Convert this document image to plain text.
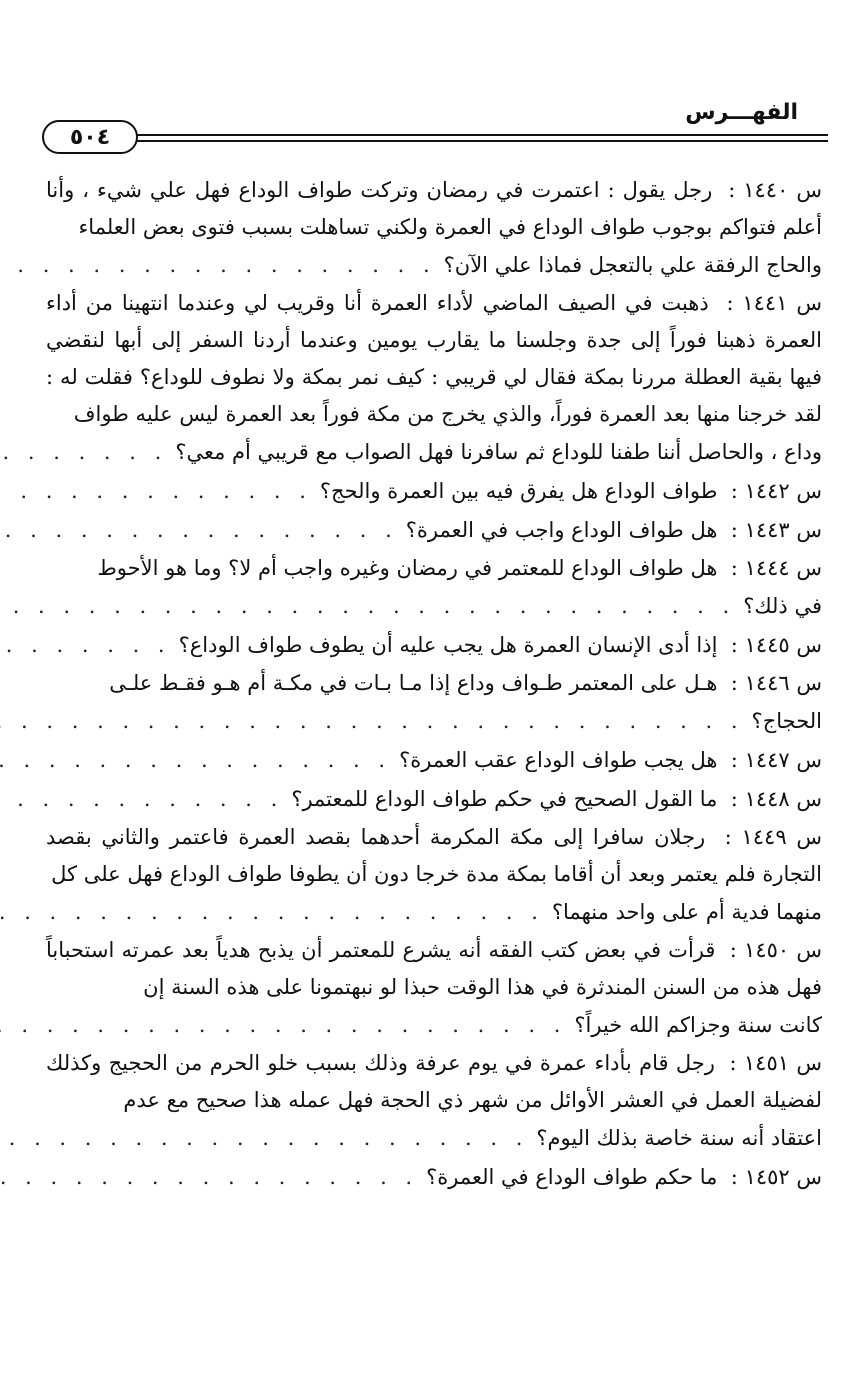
الفهـــرس
٥٠٤
س ١٤٤٠ :  رجل يقول : اعتمرت في رمضان وتركت طواف الوداع فهل علي شيء ، وأنا أعلم فتواكم بوجوب طواف الوداع في العمرة ولكني تساهلت بسبب فتوى بعض العلماء
والحاج الرفقة علي بالتعجل فماذا علي الآن؟
. . .
س ١٤٤١ :  ذهبت في الصيف الماضي لأداء العمرة أنا وقريب لي وعندما انتهينا من أداء العمرة ذهبنا فوراً إلى جدة وجلسنا ما يقارب يومين وعندما أردنا السفر إلى أبها لنقضي فيها بقية العطلة مررنا بمكة فقال لي قريبي : كيف نمر بمكة ولا نطوف للوداع؟ فقلت له : لقد خرجنا منها بعد العمرة فوراً، والذي يخرج من مكة فوراً بعد العمرة ليس عليه طواف
وداع ، والحاصل أننا طفنا للوداع ثم سافرنا فهل الصواب مع قريبي أم معي؟
. . .
س ١٤٤٢ :  طواف الوداع هل يفرق فيه بين العمرة والحج؟
. . .
س ١٤٤٣ :  هل طواف الوداع واجب في العمرة؟
. . .
س ١٤٤٤ :  هل طواف الوداع للمعتمر في رمضان وغيره واجب أم لا؟ وما هو الأحوط
في ذلك؟
. . .
س ١٤٤٥ :  إذا أدى الإنسان العمرة هل يجب عليه أن يطوف طواف الوداع؟
. . .
س ١٤٤٦ :  هـل على المعتمر طـواف وداع إذا مـا بـات في مكـة أم هـو فقـط علـى
الحجاج؟
. . .
س ١٤٤٧ :  هل يجب طواف الوداع عقب العمرة؟
. . .
س ١٤٤٨ :  ما القول الصحيح في حكم طواف الوداع للمعتمر؟
. . .
س ١٤٤٩ :  رجلان سافرا إلى مكة المكرمة أحدهما بقصد العمرة فاعتمر والثاني بقصد التجارة فلم يعتمر وبعد أن أقاما بمكة مدة خرجا دون أن يطوفا طواف الوداع فهل على كل
منهما فدية أم على واحد منهما؟
. . .
س ١٤٥٠ :  قرأت في بعض كتب الفقه أنه يشرع للمعتمر أن يذبح هدياً بعد عمرته استحباباً فهل هذه من السنن المندثرة في هذا الوقت حبذا لو نبهتمونا على هذه السنة إن
كانت سنة وجزاكم الله خيراً؟
. . .
س ١٤٥١ :  رجل قام بأداء عمرة في يوم عرفة وذلك بسبب خلو الحرم من الحجيج وكذلك لفضيلة العمل في العشر الأوائل من شهر ذي الحجة فهل عمله هذا صحيح مع عدم
اعتقاد أنه سنة خاصة بذلك اليوم؟
. . .
س ١٤٥٢ :  ما حكم طواف الوداع في العمرة؟
. . .
